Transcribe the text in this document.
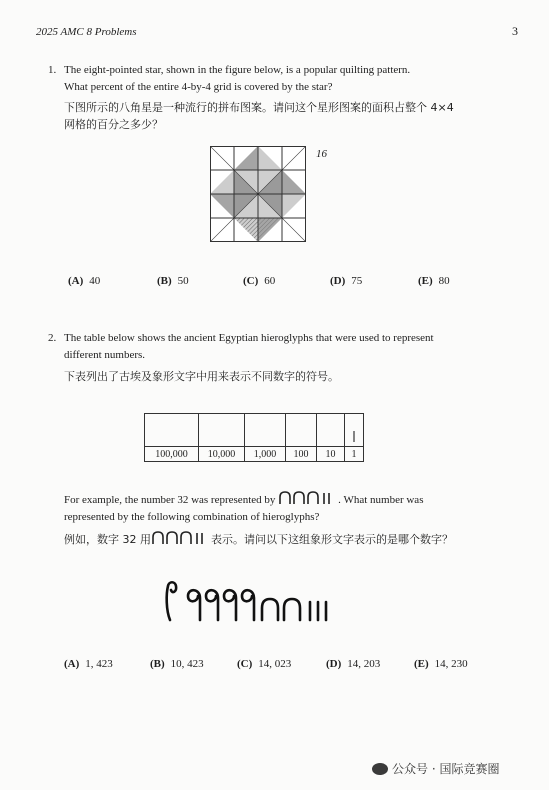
2025 AMC 8 Problems	3
1. The eight-pointed star, shown in the figure below, is a popular quilting pattern.
What percent of the entire 4-by-4 grid is covered by the star?
下图所示的八角星是一种流行的拼布图案。请问这个星形图案的面积占整个 4×4
网格的百分之多少？
16
(A) 40	(B) 50	(C) 60	(D) 75	(E) 80
2. The table below shows the ancient Egyptian hieroglyphs that were used to represent
different numbers.
下表列出了古埃及象形文字中用来表示不同数字的符号。

100,000	10,000	1,000	100	10	1
For example, the number 32 was represented by	. What number was
represented by the following combination of hieroglyphs?
例如，数字 32 用	表示。请问以下这组象形文字表示的是哪个数字？
(A) 1, 423	(B) 10, 423	(C) 14, 023	(D) 14, 203	(E) 14, 230
公众号 · 国际竞赛圈
